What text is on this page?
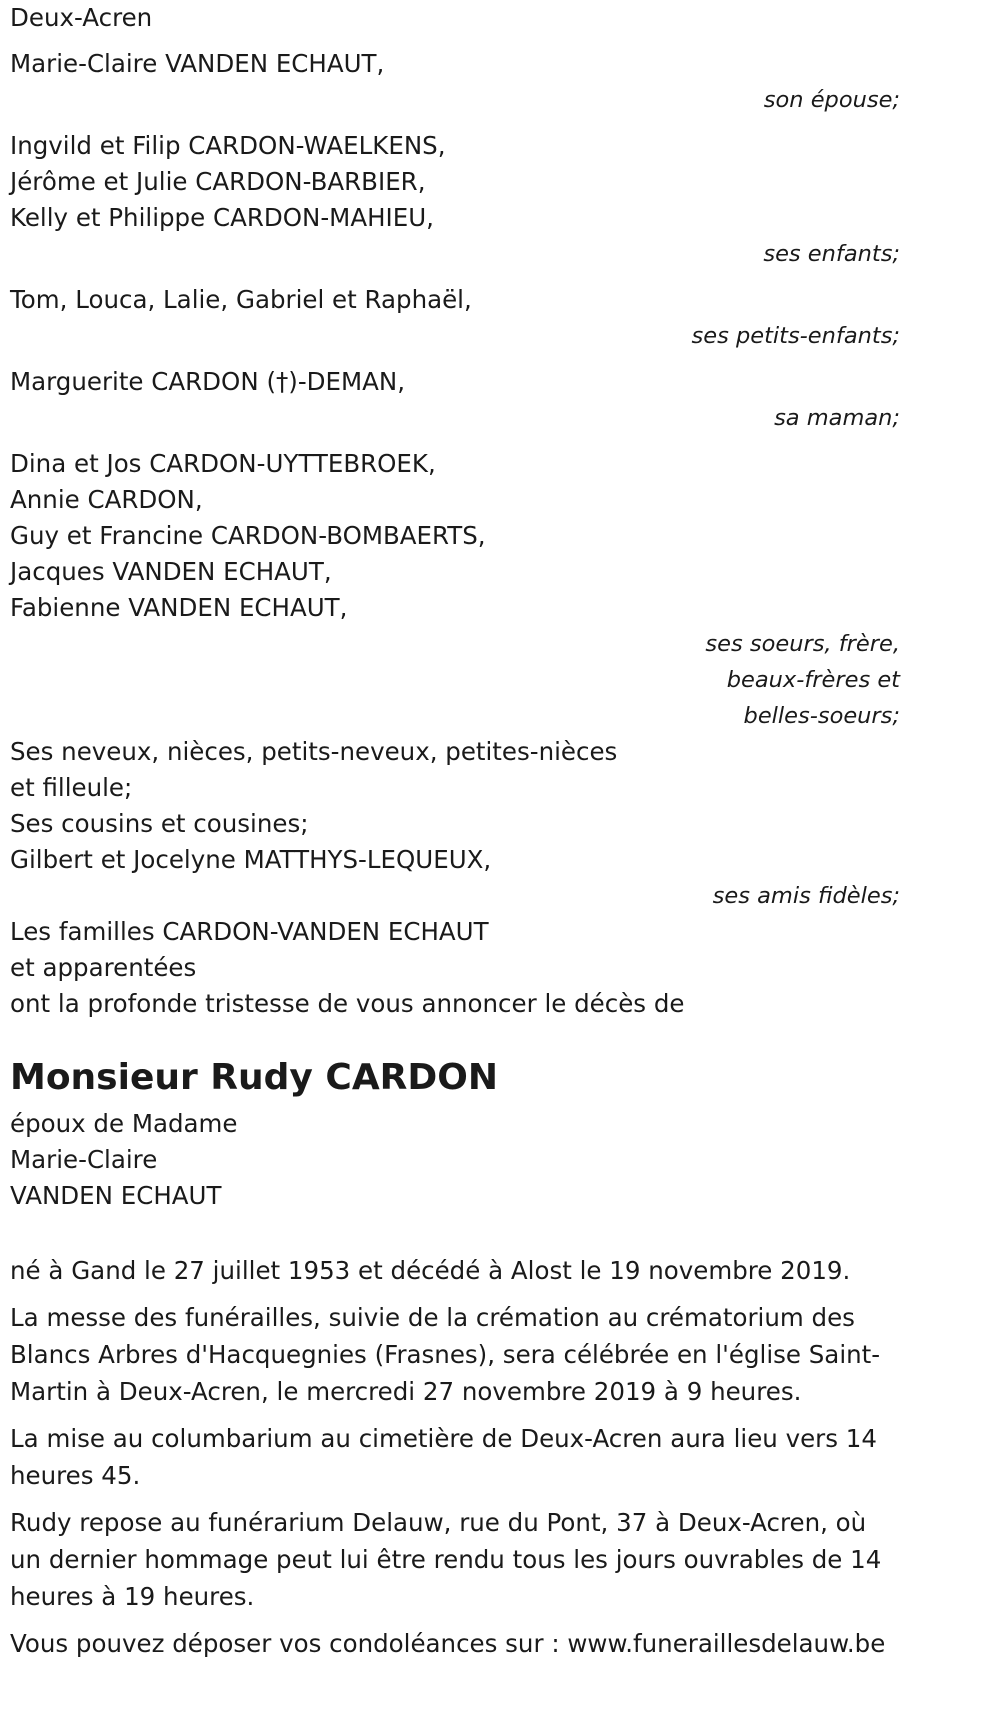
Deux-Acren
Marie-Claire VANDEN ECHAUT,
son épouse;
Ingvild et Filip CARDON-WAELKENS,
Jérôme et Julie CARDON-BARBIER,
Kelly et Philippe CARDON-MAHIEU,
ses enfants;
Tom, Louca, Lalie, Gabriel et Raphaël,
ses petits-enfants;
Marguerite CARDON (†)-DEMAN,
sa maman;
Dina et Jos CARDON-UYTTEBROEK,
Annie CARDON,
Guy et Francine CARDON-BOMBAERTS,
Jacques VANDEN ECHAUT,
Fabienne VANDEN ECHAUT,
ses soeurs, frère,
beaux-frères et
belles-soeurs;
Ses neveux, nièces, petits-neveux, petites-nièces
et filleule;
Ses cousins et cousines;
Gilbert et Jocelyne MATTHYS-LEQUEUX,
ses amis fidèles;
Les familles CARDON-VANDEN ECHAUT
et apparentées
ont la profonde tristesse de vous annoncer le décès de
Monsieur Rudy CARDON
époux de Madame
Marie-Claire
VANDEN ECHAUT
né à Gand le 27 juillet 1953 et décédé à Alost le 19 novembre 2019.
La messe des funérailles, suivie de la crémation au crématorium des Blancs Arbres d'Hacquegnies (Frasnes), sera célébrée en l'église Saint-Martin à Deux-Acren, le mercredi 27 novembre 2019 à 9 heures.
La mise au columbarium au cimetière de Deux-Acren aura lieu vers 14 heures 45.
Rudy repose au funérarium Delauw, rue du Pont, 37 à Deux-Acren, où un dernier hommage peut lui être rendu tous les jours ouvrables de 14 heures à 19 heures.
Vous pouvez déposer vos condoléances sur : www.funeraillesdelauw.be
